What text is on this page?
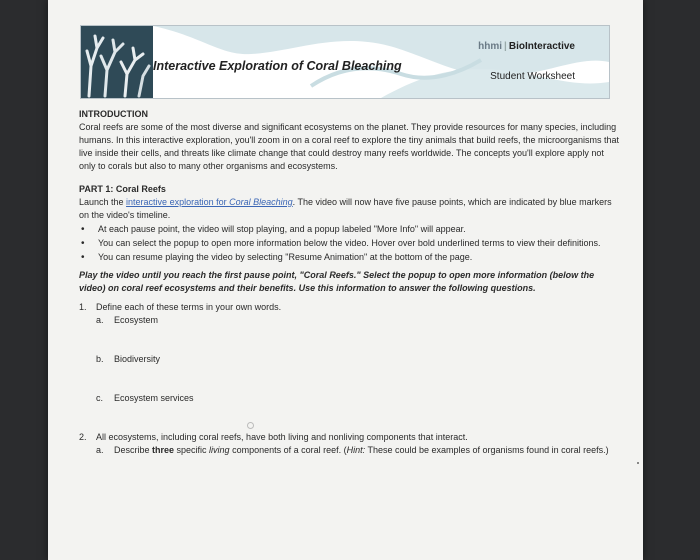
Interactive Exploration of Coral Bleaching
hhmi | BioInteractive
Student Worksheet

INTRODUCTION

Coral reefs are some of the most diverse and significant ecosystems on the planet. They provide resources for many species, including humans. In this interactive exploration, you'll zoom in on a coral reef to explore the tiny animals that build reefs, the microorganisms that live inside their cells, and threats like climate change that could destroy many reefs worldwide. The concepts you'll explore apply not only to corals but also to many other organisms and ecosystems.

PART 1: Coral Reefs

Launch the interactive exploration for Coral Bleaching. The video will now have five pause points, which are indicated by blue markers on the video's timeline.

• At each pause point, the video will stop playing, and a popup labeled "More Info" will appear.
• You can select the popup to open more information below the video. Hover over bold underlined terms to view their definitions.
• You can resume playing the video by selecting "Resume Animation" at the bottom of the page.

Play the video until you reach the first pause point, "Coral Reefs." Select the popup to open more information (below the video) on coral reef ecosystems and their benefits. Use this information to answer the following questions.

1. Define each of these terms in your own words.
a. Ecosystem
b. Biodiversity
c. Ecosystem services
2. All ecosystems, including coral reefs, have both living and nonliving components that interact.
a. Describe three specific living components of a coral reef. (Hint: These could be examples of organisms found in coral reefs.)
